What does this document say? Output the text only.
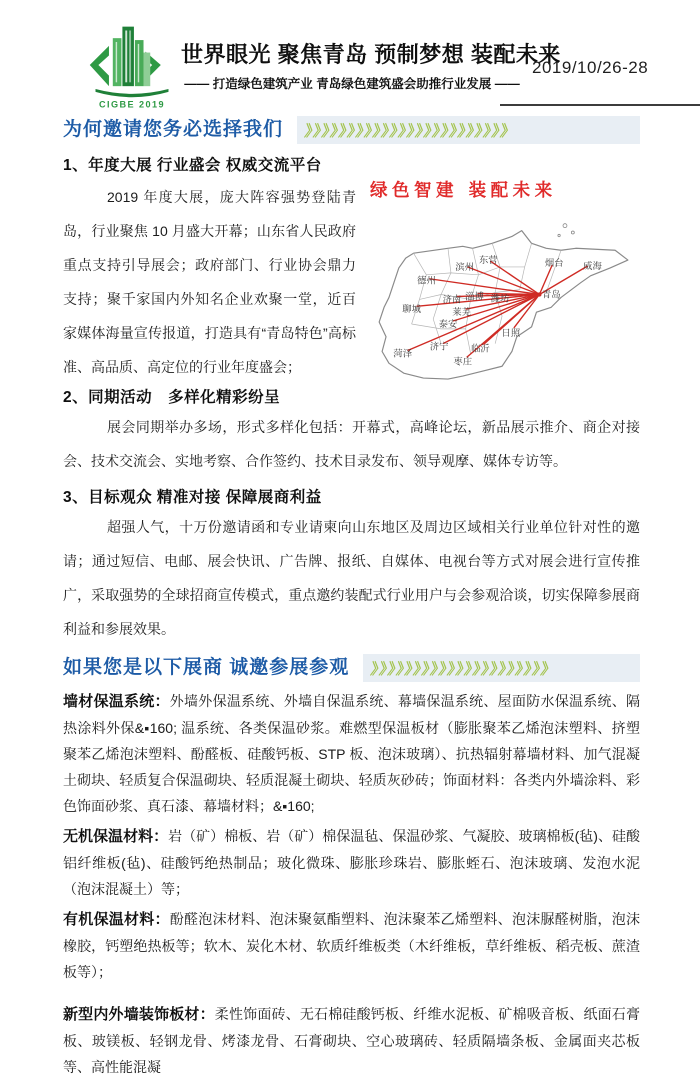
CIGBE 2019
世界眼光 聚焦青岛 预制梦想 装配未来
—— 打造绿色建筑产业 青岛绿色建筑盛会助推行业发展 ——
2019/10/26-28
为何邀请您务必选择我们 》》》》》》》》》》》》》》》》》》》》》》》》
1、年度大展 行业盛会 权威交流平台
绿色智建 装配未来
东营
滨州	烟台 威海
德州
济南 淄博 潍坊	青岛
聊城	莱芜
泰安
日照
济宁 临沂
枣庄
菏泽
2019 年度大展，庞大阵容强势登陆青岛，行业聚焦 10 月盛大开幕；山东省人民政府重点支持引导展会；政府部门、行业协会鼎力支持；聚千家国内外知名企业欢聚一堂，近百家媒体海量宣传报道，打造具有“青岛特色”高标准、高品质、高定位的行业年度盛会；
2、同期活动　多样化精彩纷呈

展会同期举办多场，形式多样化包括：开幕式，高峰论坛，新品展示推介、商企对接会、技术交流会、实地考察、合作签约、技术目录发布、领导观摩、媒体专访等。

3、目标观众 精准对接 保障展商利益

超强人气，十万份邀请函和专业请柬向山东地区及周边区域相关行业单位针对性的邀请；通过短信、电邮、展会快讯、广告牌、报纸、自媒体、电视台等方式对展会进行宣传推广，采取强势的全球招商宣传模式，重点邀约装配式行业用户与会参观洽谈，切实保障参展商利益和参展效果。

如果您是以下展商 诚邀参展参观 》》》》》》》》》》》》》》》》》》》》》

墙材保温系统：外墙外保温系统、外墙自保温系统、幕墙保温系统、屋面防水保温系统、隔热涂料外保&▪160; 温系统、各类保温砂浆。难燃型保温板材（膨胀聚苯乙烯泡沫塑料、挤塑聚苯乙烯泡沫塑料、酚醛板、硅酸钙板、STP 板、泡沫玻璃）、抗热辐射幕墙材料、加气混凝土砌块、轻质复合保温砌块、轻质混凝土砌块、轻质灰砂砖；饰面材料：各类内外墙涂料、彩色饰面砂浆、真石漆、幕墙材料；&▪160;

无机保温材料：岩（矿）棉板、岩（矿）棉保温毡、保温砂浆、气凝胶、玻璃棉板(毡)、硅酸铝纤维板(毡)、硅酸钙绝热制品；玻化微珠、膨胀珍珠岩、膨胀蛭石、泡沫玻璃、发泡水泥（泡沫混凝土）等；

有机保温材料：酚醛泡沫材料、泡沫聚氨酯塑料、泡沫聚苯乙烯塑料、泡沫脲醛树脂，泡沫橡胶，钙塑绝热板等；软木、炭化木材、软质纤维板类（木纤维板，草纤维板、稻壳板、蔗渣板等）；

新型内外墙装饰板材：柔性饰面砖、无石棉硅酸钙板、纤维水泥板、矿棉吸音板、纸面石膏板、玻镁板、轻钢龙骨、烤漆龙骨、石膏砌块、空心玻璃砖、轻质隔墙条板、金属面夹芯板等、高性能混凝
